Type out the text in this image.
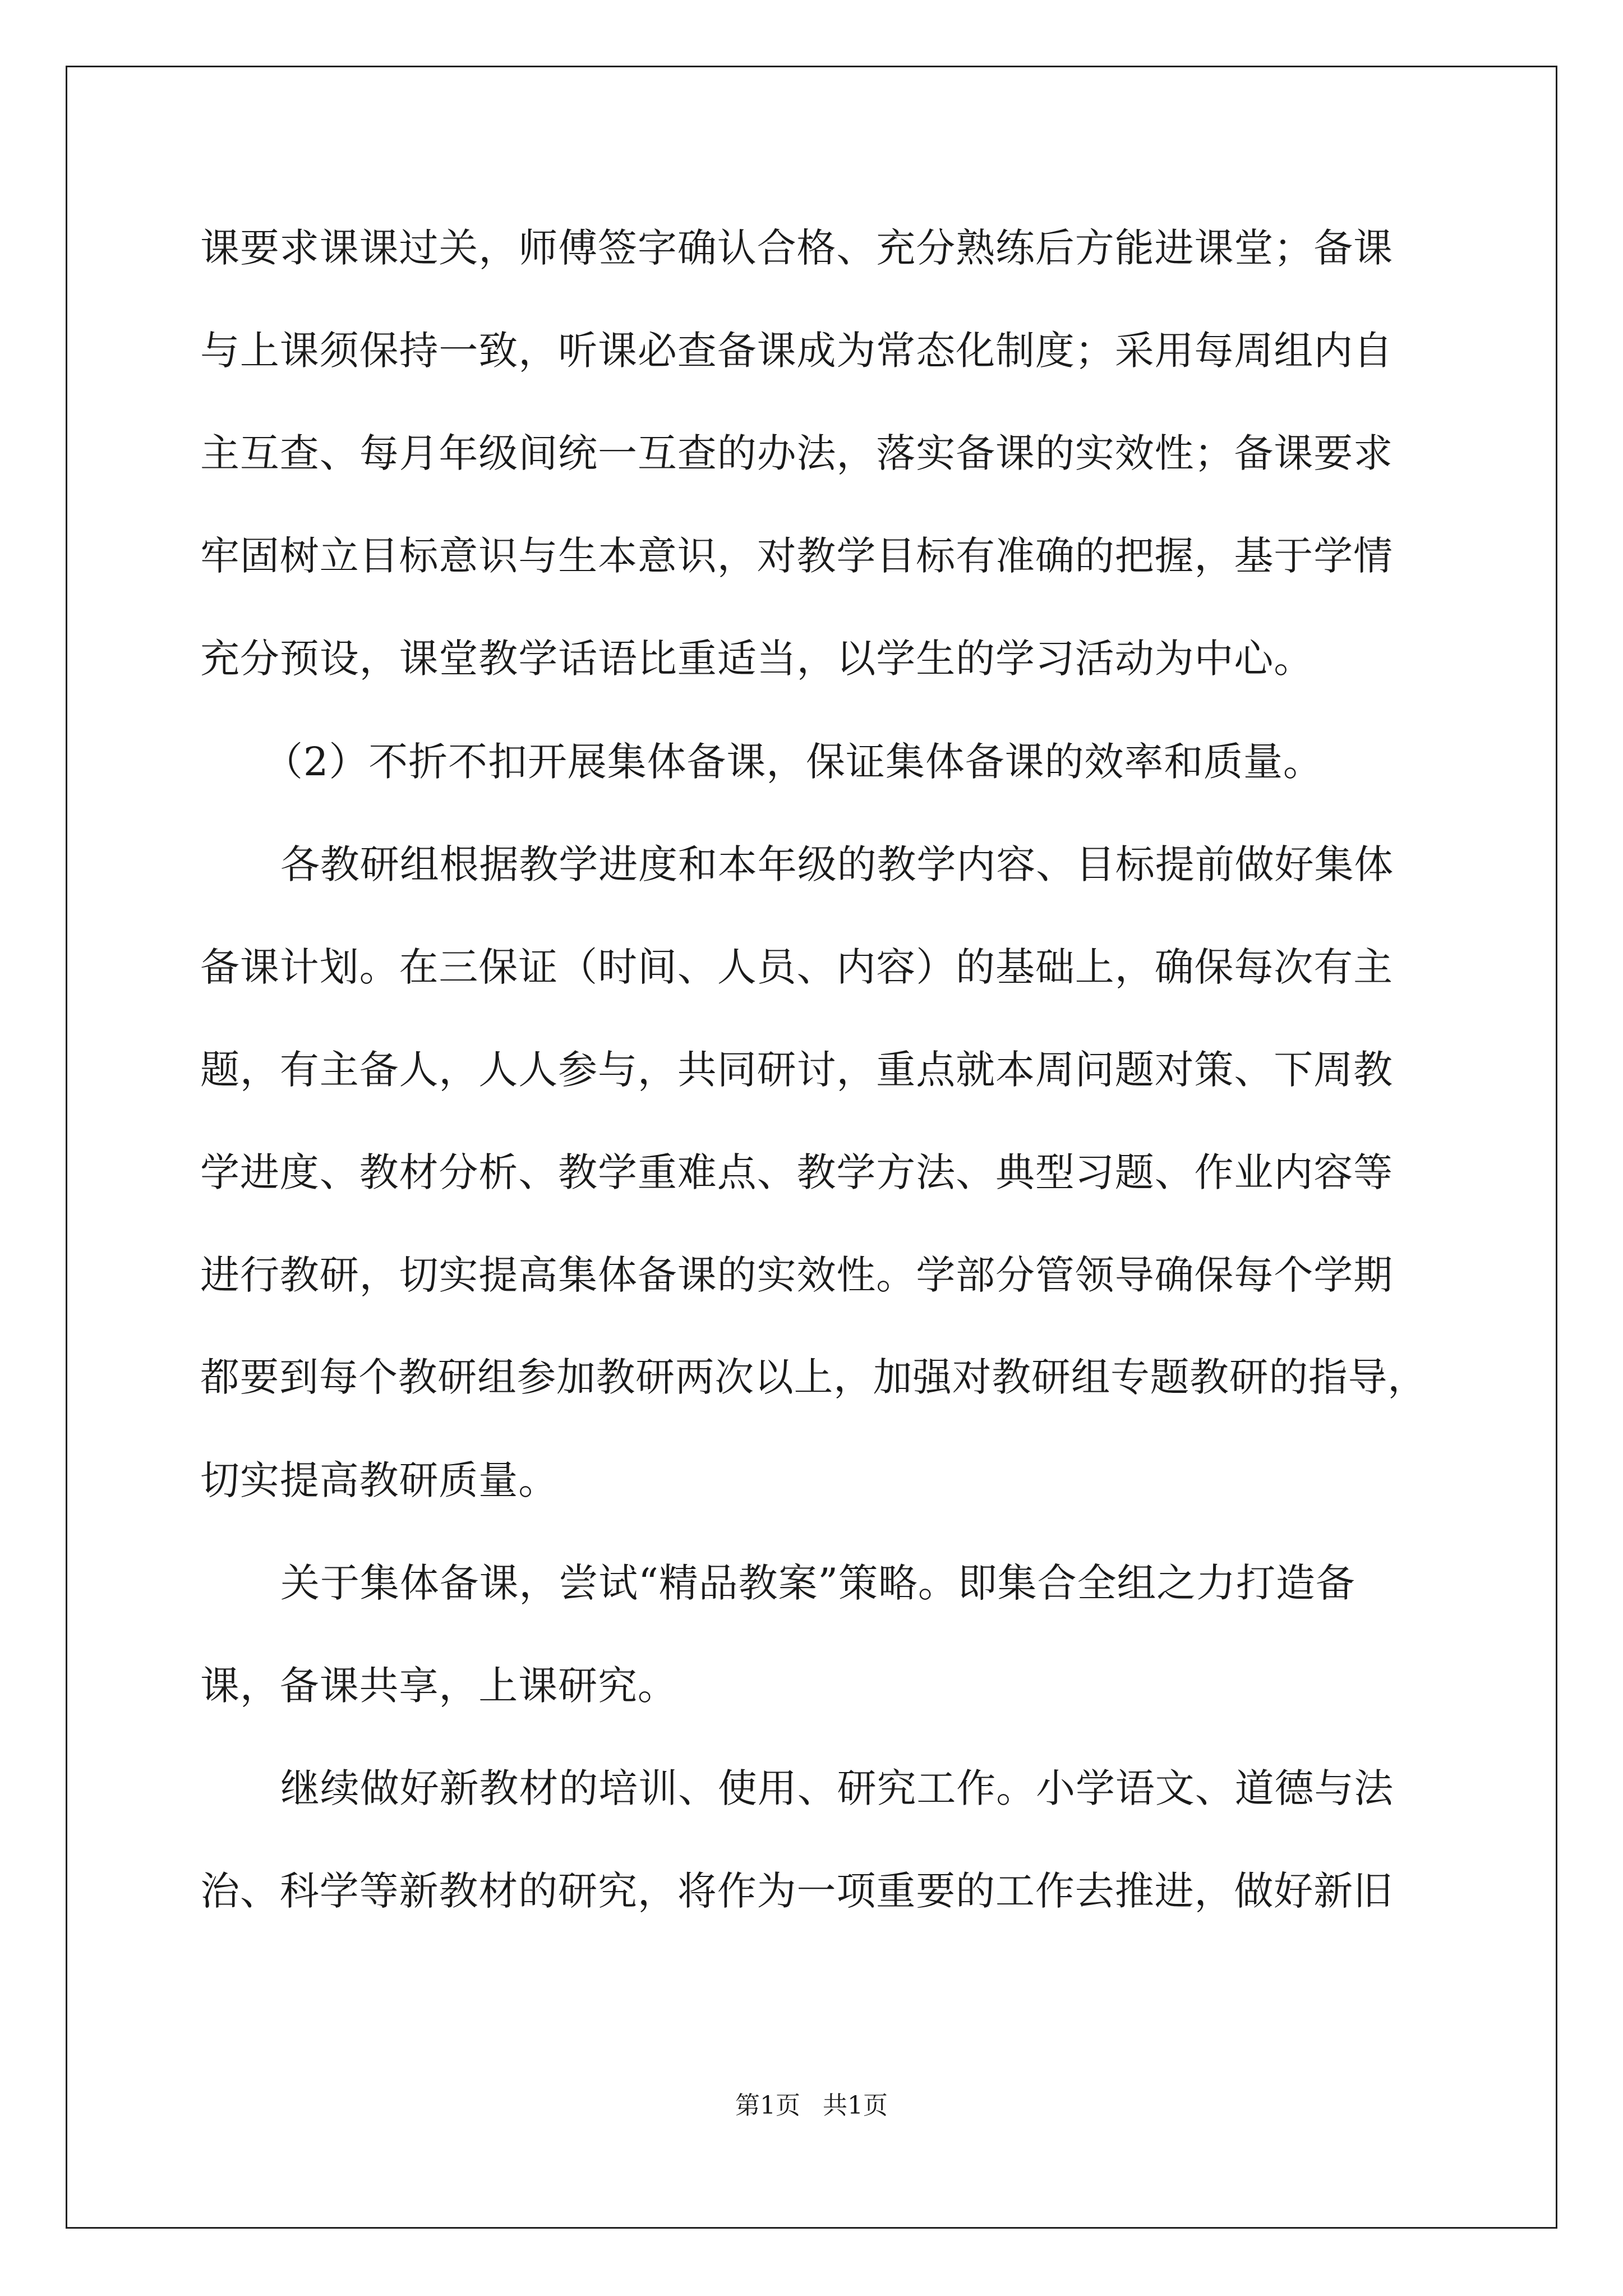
课要求课课过关，师傅签字确认合格、充分熟练后方能进课堂；备课
与上课须保持一致，听课必查备课成为常态化制度；采用每周组内自
主互查、每月年级间统一互查的办法，落实备课的实效性；备课要求
牢固树立目标意识与生本意识，对教学目标有准确的把握，基于学情
充分预设，课堂教学话语比重适当，以学生的学习活动为中心。
（2）不折不扣开展集体备课，保证集体备课的效率和质量。
各教研组根据教学进度和本年级的教学内容、目标提前做好集体
备课计划。在三保证（时间、人员、内容）的基础上，确保每次有主
题，有主备人，人人参与，共同研讨，重点就本周问题对策、下周教
学进度、教材分析、教学重难点、教学方法、典型习题、作业内容等
进行教研，切实提高集体备课的实效性。学部分管领导确保每个学期
都要到每个教研组参加教研两次以上，加强对教研组专题教研的指导，
切实提高教研质量。
关于集体备课，尝试“精品教案”策略。即集合全组之力打造备
课，备课共享，上课研究。
继续做好新教材的培训、使用、研究工作。小学语文、道德与法
治、科学等新教材的研究，将作为一项重要的工作去推进，做好新旧
第1页 共1页
